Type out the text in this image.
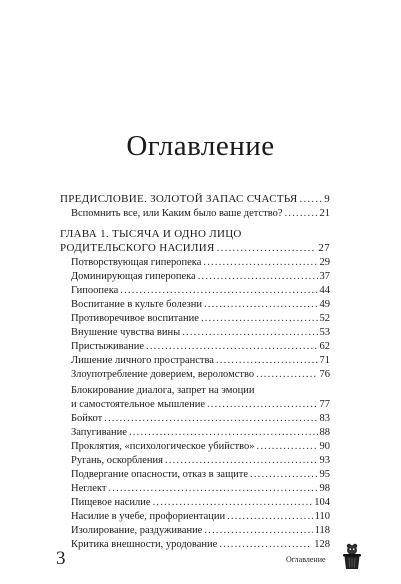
Оглавление
ПРЕДИСЛОВИЕ. ЗОЛОТОЙ ЗАПАС СЧАСТЬЯ ..... 9
Вспомнить все, или Каким было ваше детство? .....	21
ГЛАВА 1. ТЫСЯЧА И ОДНО ЛИЦО
РОДИТЕЛЬСКОГО НАСИЛИЯ .....	27
Потворствующая гиперопека .....	29
Доминирующая гиперопека .....	37
Гипоопека .....	44
Воспитание в культе болезни .....	49
Противоречивое воспитание .....	52
Внушение чувства вины .....	53
Пристыживание .....	62
Лишение личного пространства .....	71
Злоупотребление доверием, вероломство .....	76
Блокирование диалога, запрет на эмоции
и самостоятельное мышление .....	77
Бойкот .....	83
Запугивание .....	88
Проклятия, «психологическое убийство» .....	90
Ругань, оскорбления .....	93
Подвергание опасности, отказ в защите .....	95
Неглект .....	98
Пищевое насилие .....	104
Насилие в учебе, профориентации .....	110
Изолирование, раздуживание .....	118
Критика внешности, уродование .....	128
3	Оглавление
